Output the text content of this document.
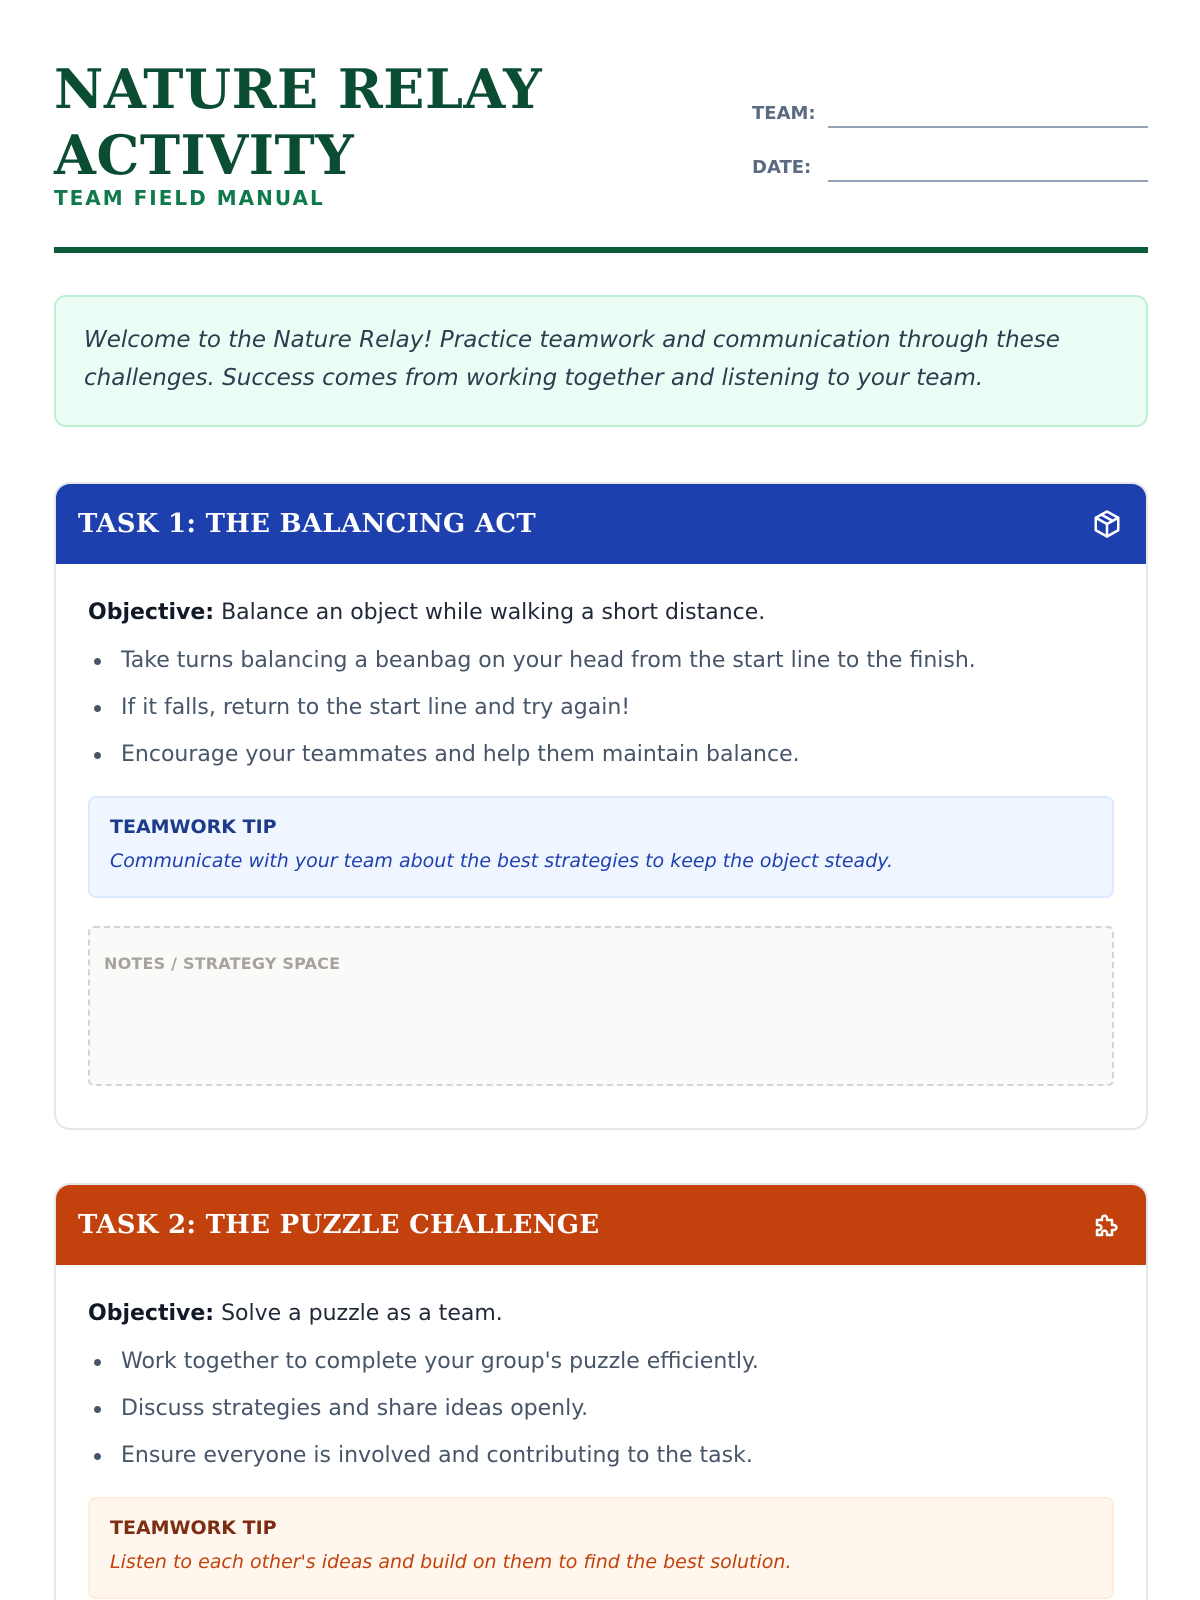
NATURE RELAY
ACTIVITY
TEAM FIELD MANUAL
TEAM:
DATE:

Welcome to the Nature Relay! Practice teamwork and communication through these challenges. Success comes from working together and listening to your team.

TASK 1: THE BALANCING ACT
Objective: Balance an object while walking a short distance.
Take turns balancing a beanbag on your head from the start line to the finish.
If it falls, return to the start line and try again!
Encourage your teammates and help them maintain balance.
TEAMWORK TIP
Communicate with your team about the best strategies to keep the object steady.
NOTES / STRATEGY SPACE
TASK 2: THE PUZZLE CHALLENGE
Objective: Solve a puzzle as a team.
Work together to complete your group's puzzle efficiently.
Discuss strategies and share ideas openly.
Ensure everyone is involved and contributing to the task.
TEAMWORK TIP
Listen to each other's ideas and build on them to find the best solution.
